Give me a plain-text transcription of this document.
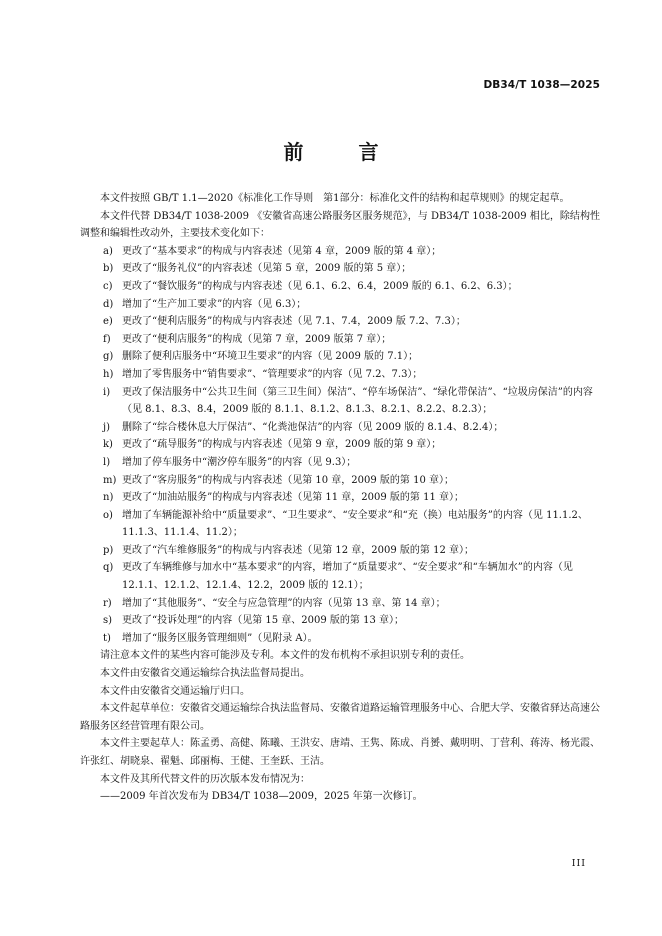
DB34/T 1038—2025
前 言
本文件按照 GB/T 1.1—2020《标准化工作导则　第1部分：标准化文件的结构和起草规则》的规定起草。
本文件代替 DB34/T 1038-2009 《安徽省高速公路服务区服务规范》，与 DB34/T 1038-2009 相比，除结构性调整和编辑性改动外，主要技术变化如下：
a) 更改了“基本要求”的构成与内容表述（见第 4 章，2009 版的第 4 章）；
b) 更改了“服务礼仪”的内容表述（见第 5 章，2009 版的第 5 章）；
c) 更改了“餐饮服务”的构成与内容表述（见 6.1、6.2、6.4，2009 版的 6.1、6.2、6.3）；
d) 增加了“生产加工要求”的内容（见 6.3）；
e) 更改了“便利店服务”的构成与内容表述（见 7.1、7.4，2009 版 7.2、7.3）；
f)	更改了“便利店服务”的构成（见第 7 章，2009 版第 7 章）；
g) 删除了便利店服务中“环境卫生要求”的内容（见 2009 版的 7.1）；
h) 增加了零售服务中“销售要求”、“管理要求”的内容（见 7.2、7.3）；
i)	更改了保洁服务中“公共卫生间（第三卫生间）保洁”、“停车场保洁”、“绿化带保洁”、“垃圾房保洁”的内容（见 8.1、8.3、8.4，2009 版的 8.1.1、8.1.2、8.1.3、8.2.1、8.2.2、8.2.3）；
j)	删除了“综合楼休息大厅保洁”、“化粪池保洁”的内容（见 2009 版的 8.1.4、8.2.4）；
k) 更改了“疏导服务”的构成与内容表述（见第 9 章，2009 版的第 9 章）；
l)	增加了停车服务中“潮汐停车服务”的内容（见 9.3）；
m) 更改了“客房服务”的构成与内容表述（见第 10 章，2009 版的第 10 章）；
n) 更改了“加油站服务”的构成与内容表述（见第 11 章，2009 版的第 11 章）；
o) 增加了车辆能源补给中“质量要求”、“卫生要求”、“安全要求”和“充（换）电站服务”的内容（见 11.1.2、11.1.3、11.1.4、11.2）；
p) 更改了“汽车维修服务”的构成与内容表述（见第 12 章，2009 版的第 12 章）；
q) 更改了车辆维修与加水中“基本要求”的内容，增加了“质量要求”、“安全要求”和“车辆加水”的内容（见 12.1.1、12.1.2、12.1.4、12.2，2009 版的 12.1）；
r)	增加了“其他服务”、“安全与应急管理”的内容（见第 13 章、第 14 章）；
s) 更改了“投诉处理”的内容（见第 15 章、2009 版的第 13 章）；
t)	增加了“服务区服务管理细则”（见附录 A）。
请注意本文件的某些内容可能涉及专利。本文件的发布机构不承担识别专利的责任。
本文件由安徽省交通运输综合执法监督局提出。
本文件由安徽省交通运输厅归口。
本文件起草单位：安徽省交通运输综合执法监督局、安徽省道路运输管理服务中心、合肥大学、安徽省驿达高速公路服务区经营管理有限公司。
本文件主要起草人：陈孟勇、高健、陈曦、王洪安、唐靖、王隽、陈成、肖赟、戴明明、丁营利、蒋涛、杨光霞、许张红、胡晓泉、翟魁、邱丽梅、王健、王奎跃、王洁。
本文件及其所代替文件的历次版本发布情况为：
——2009 年首次发布为 DB34/T 1038—2009，2025 年第一次修订。
III
